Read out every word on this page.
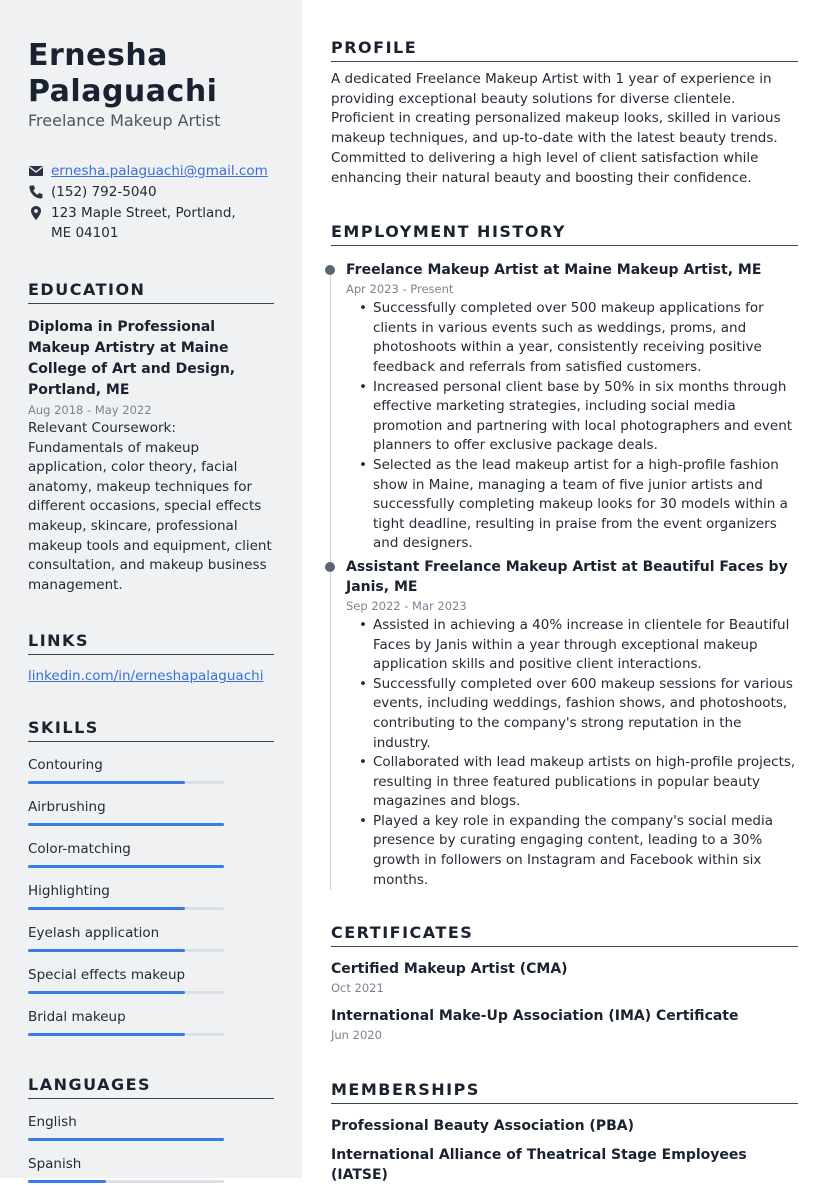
Ernesha
Palaguachi
Freelance Makeup Artist
ernesha.palaguachi@gmail.com
(152) 792-5040
123 Maple Street, Portland, ME 04101
EDUCATION
Diploma in Professional Makeup Artistry at Maine College of Art and Design, Portland, ME
Aug 2018 - May 2022
Relevant Coursework: Fundamentals of makeup application, color theory, facial anatomy, makeup techniques for different occasions, special effects makeup, skincare, professional makeup tools and equipment, client consultation, and makeup business management.
LINKS
linkedin.com/in/erneshapalaguachi
SKILLS
Contouring
Airbrushing
Color-matching
Highlighting
Eyelash application
Special effects makeup
Bridal makeup
LANGUAGES
English
Spanish
PROFILE
A dedicated Freelance Makeup Artist with 1 year of experience in providing exceptional beauty solutions for diverse clientele. Proficient in creating personalized makeup looks, skilled in various makeup techniques, and up-to-date with the latest beauty trends. Committed to delivering a high level of client satisfaction while enhancing their natural beauty and boosting their confidence.
EMPLOYMENT HISTORY
Freelance Makeup Artist at Maine Makeup Artist, ME
Apr 2023 - Present
• Successfully completed over 500 makeup applications for clients in various events such as weddings, proms, and photoshoots within a year, consistently receiving positive feedback and referrals from satisfied customers.
• Increased personal client base by 50% in six months through effective marketing strategies, including social media promotion and partnering with local photographers and event planners to offer exclusive package deals.
• Selected as the lead makeup artist for a high-profile fashion show in Maine, managing a team of five junior artists and successfully completing makeup looks for 30 models within a tight deadline, resulting in praise from the event organizers and designers.
Assistant Freelance Makeup Artist at Beautiful Faces by Janis, ME
Sep 2022 - Mar 2023
• Assisted in achieving a 40% increase in clientele for Beautiful Faces by Janis within a year through exceptional makeup application skills and positive client interactions.
• Successfully completed over 600 makeup sessions for various events, including weddings, fashion shows, and photoshoots, contributing to the company's strong reputation in the industry.
• Collaborated with lead makeup artists on high-profile projects, resulting in three featured publications in popular beauty magazines and blogs.
• Played a key role in expanding the company's social media presence by curating engaging content, leading to a 30% growth in followers on Instagram and Facebook within six months.
CERTIFICATES
Certified Makeup Artist (CMA)
Oct 2021
International Make-Up Association (IMA) Certificate
Jun 2020
MEMBERSHIPS
Professional Beauty Association (PBA)
International Alliance of Theatrical Stage Employees (IATSE)
